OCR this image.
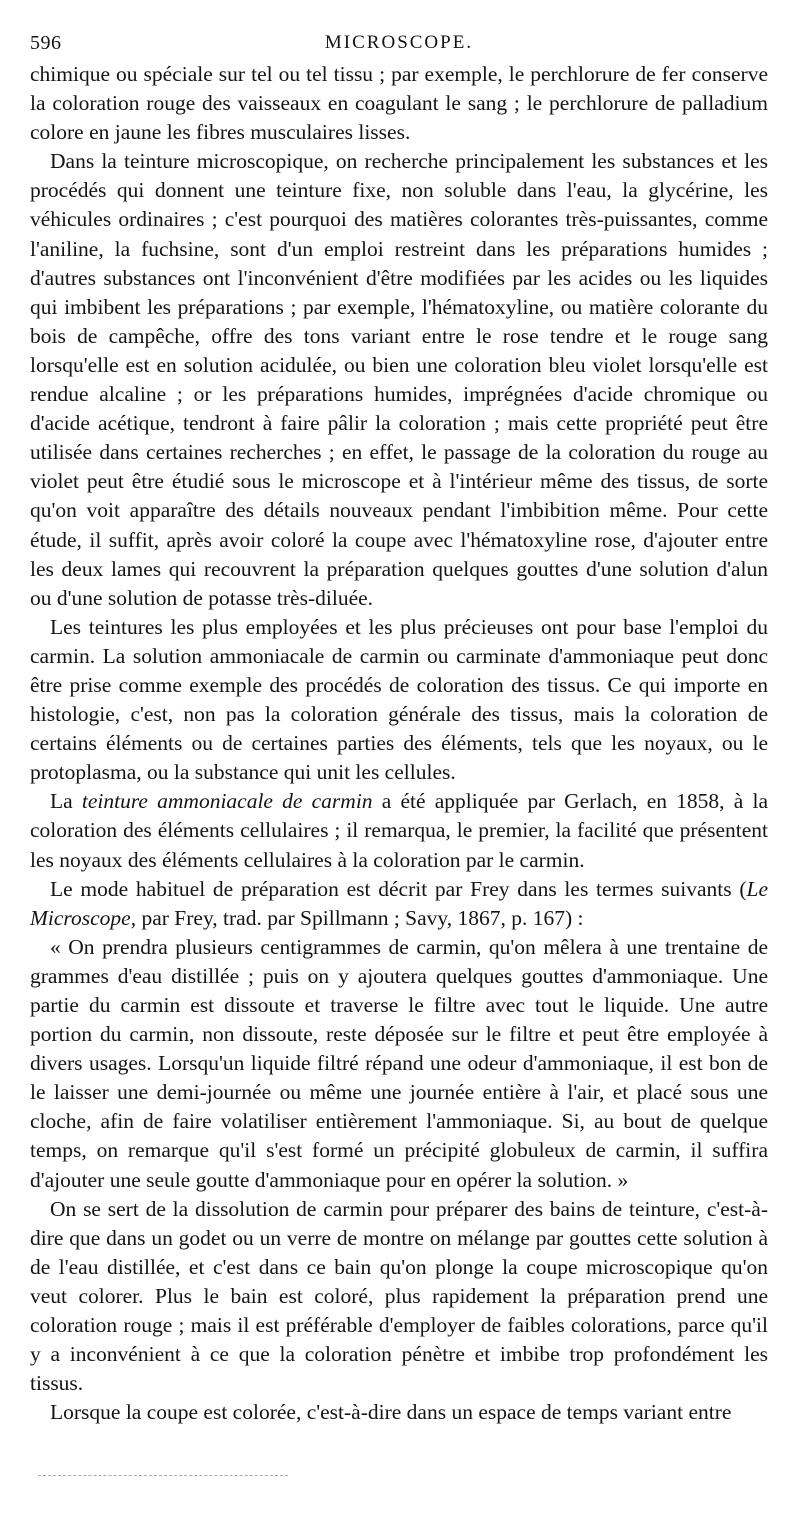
596	MICROSCOPE.

chimique ou spéciale sur tel ou tel tissu ; par exemple, le perchlorure de fer conserve la coloration rouge des vaisseaux en coagulant le sang ; le perchlorure de palladium colore en jaune les fibres musculaires lisses.

Dans la teinture microscopique, on recherche principalement les substances et les procédés qui donnent une teinture fixe, non soluble dans l'eau, la glycérine, les véhicules ordinaires ; c'est pourquoi des matières colorantes très-puissantes, comme l'aniline, la fuchsine, sont d'un emploi restreint dans les préparations humides ; d'autres substances ont l'inconvénient d'être modifiées par les acides ou les liquides qui imbibent les préparations ; par exemple, l'hématoxyline, ou matière colorante du bois de campêche, offre des tons variant entre le rose tendre et le rouge sang lorsqu'elle est en solution acidulée, ou bien une coloration bleu violet lorsqu'elle est rendue alcaline ; or les préparations humides, imprégnées d'acide chromique ou d'acide acétique, tendront à faire pâlir la coloration ; mais cette propriété peut être utilisée dans certaines recherches ; en effet, le passage de la coloration du rouge au violet peut être étudié sous le microscope et à l'intérieur même des tissus, de sorte qu'on voit apparaître des détails nouveaux pendant l'imbibition même. Pour cette étude, il suffit, après avoir coloré la coupe avec l'hématoxyline rose, d'ajouter entre les deux lames qui recouvrent la préparation quelques gouttes d'une solution d'alun ou d'une solution de potasse très-diluée.

Les teintures les plus employées et les plus précieuses ont pour base l'emploi du carmin. La solution ammoniacale de carmin ou carminate d'ammoniaque peut donc être prise comme exemple des procédés de coloration des tissus. Ce qui importe en histologie, c'est, non pas la coloration générale des tissus, mais la coloration de certains éléments ou de certaines parties des éléments, tels que les noyaux, ou le protoplasma, ou la substance qui unit les cellules.

La teinture ammoniacale de carmin a été appliquée par Gerlach, en 1858, à la coloration des éléments cellulaires ; il remarqua, le premier, la facilité que présentent les noyaux des éléments cellulaires à la coloration par le carmin.

Le mode habituel de préparation est décrit par Frey dans les termes suivants (Le Microscope, par Frey, trad. par Spillmann ; Savy, 1867, p. 167) :

« On prendra plusieurs centigrammes de carmin, qu'on mêlera à une trentaine de grammes d'eau distillée ; puis on y ajoutera quelques gouttes d'ammoniaque. Une partie du carmin est dissoute et traverse le filtre avec tout le liquide. Une autre portion du carmin, non dissoute, reste déposée sur le filtre et peut être employée à divers usages. Lorsqu'un liquide filtré répand une odeur d'ammoniaque, il est bon de le laisser une demi-journée ou même une journée entière à l'air, et placé sous une cloche, afin de faire volatiliser entièrement l'ammoniaque. Si, au bout de quelque temps, on remarque qu'il s'est formé un précipité globuleux de carmin, il suffira d'ajouter une seule goutte d'ammoniaque pour en opérer la solution. »

On se sert de la dissolution de carmin pour préparer des bains de teinture, c'est-à-dire que dans un godet ou un verre de montre on mélange par gouttes cette solution à de l'eau distillée, et c'est dans ce bain qu'on plonge la coupe microscopique qu'on veut colorer. Plus le bain est coloré, plus rapidement la préparation prend une coloration rouge ; mais il est préférable d'employer de faibles colorations, parce qu'il y a inconvénient à ce que la coloration pénètre et imbibe trop profondément les tissus.

Lorsque la coupe est colorée, c'est-à-dire dans un espace de temps variant entre
